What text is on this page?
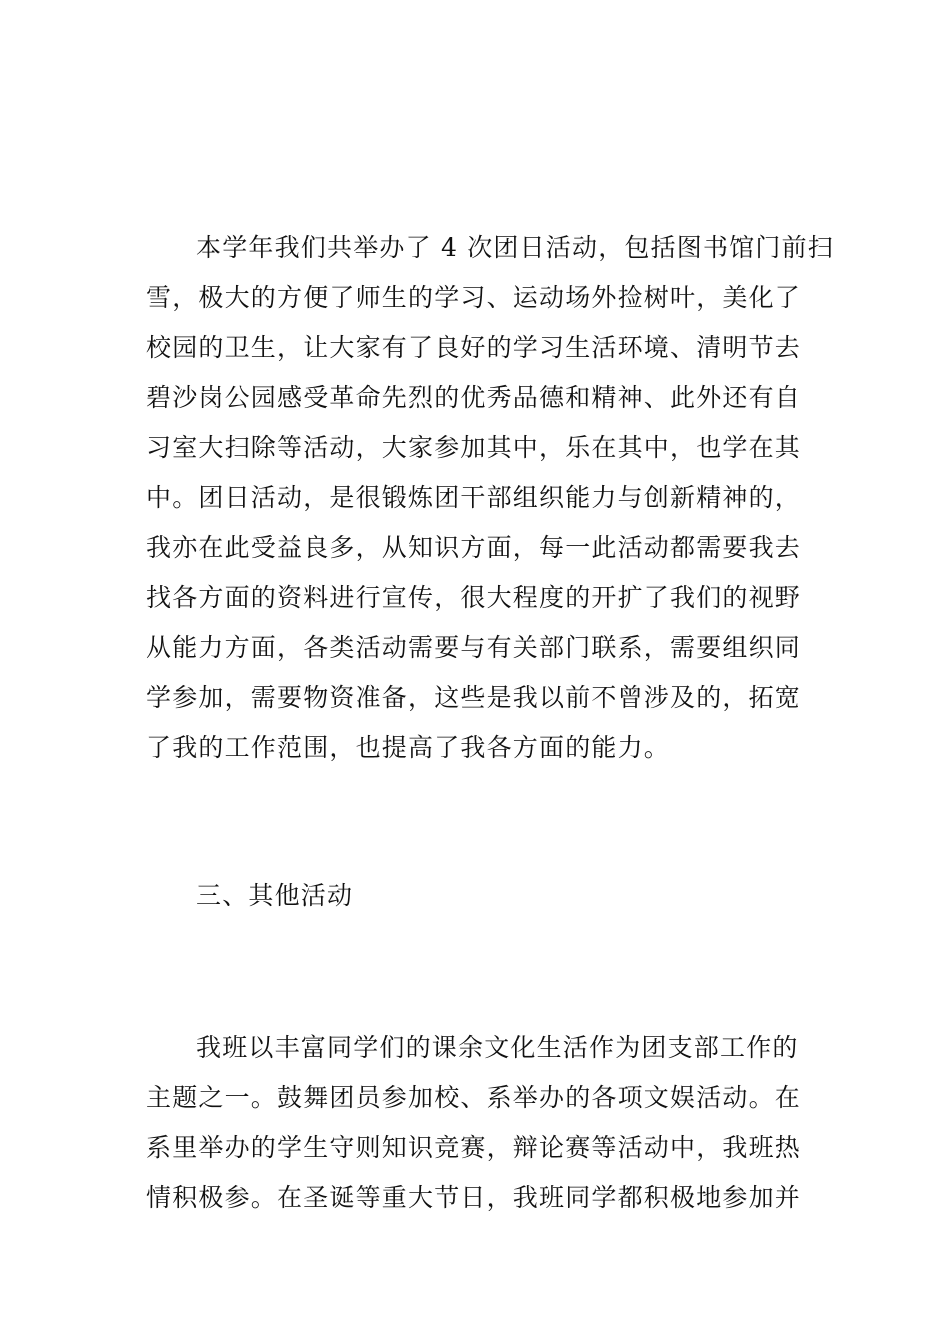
本学年我们共举办了 4 次团日活动，包括图书馆门前扫
雪，极大的方便了师生的学习、运动场外捡树叶，美化了
校园的卫生，让大家有了良好的学习生活环境、清明节去
碧沙岗公园感受革命先烈的优秀品德和精神、此外还有自
习室大扫除等活动，大家参加其中，乐在其中，也学在其
中。团日活动，是很锻炼团干部组织能力与创新精神的，
我亦在此受益良多，从知识方面，每一此活动都需要我去
找各方面的资料进行宣传，很大程度的开扩了我们的视野
从能力方面，各类活动需要与有关部门联系，需要组织同
学参加，需要物资准备，这些是我以前不曾涉及的，拓宽
了我的工作范围，也提高了我各方面的能力。
三、其他活动
我班以丰富同学们的课余文化生活作为团支部工作的
主题之一。鼓舞团员参加校、系举办的各项文娱活动。在
系里举办的学生守则知识竞赛，辩论赛等活动中，我班热
情积极参。在圣诞等重大节日，我班同学都积极地参加并
